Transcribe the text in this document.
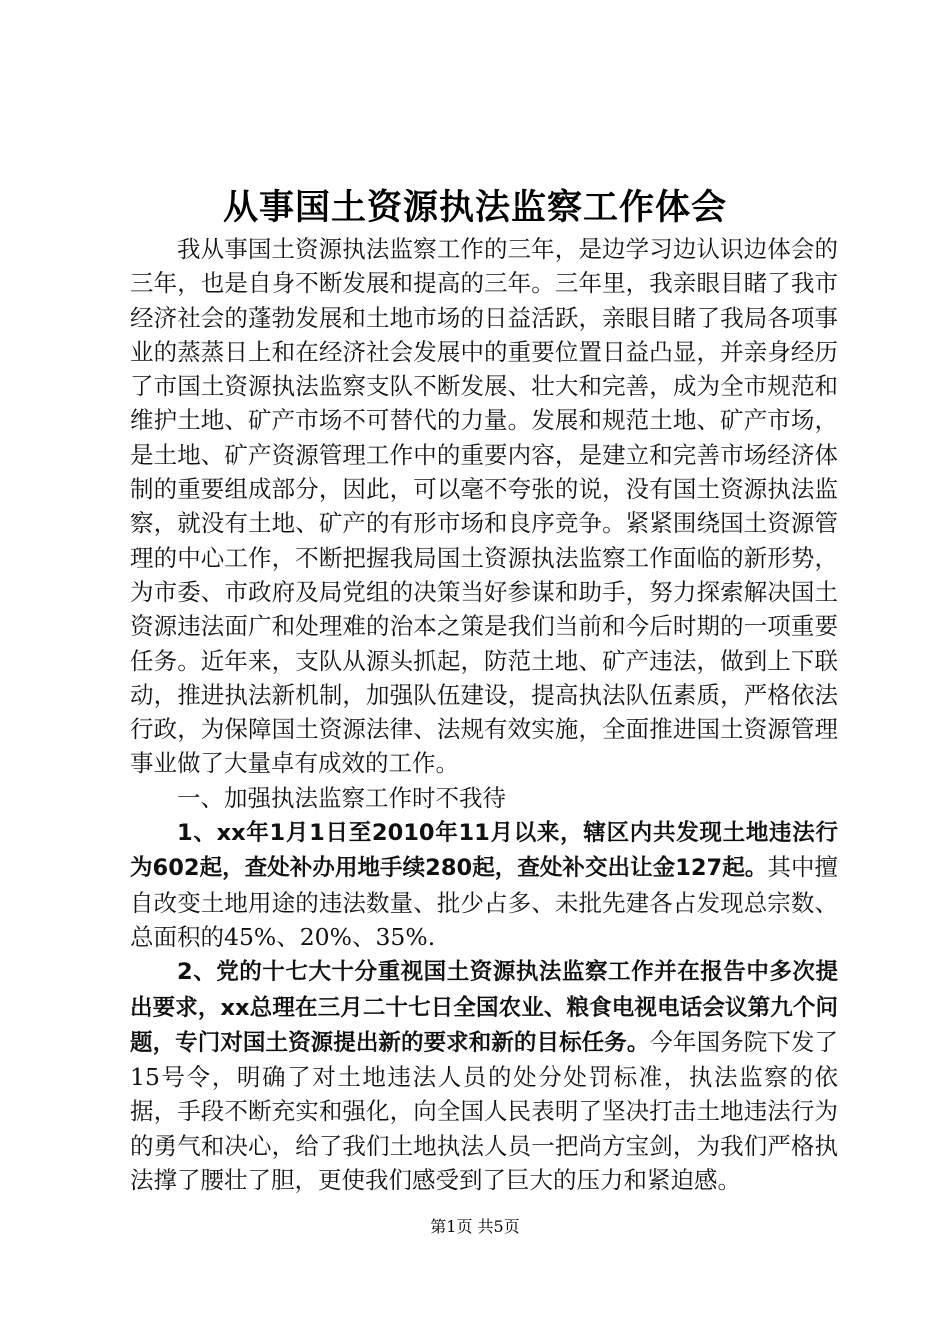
从事国土资源执法监察工作体会

我从事国土资源执法监察工作的三年，是边学习边认识边体会的三年，也是自身不断发展和提高的三年。三年里，我亲眼目睹了我市经济社会的蓬勃发展和土地市场的日益活跃，亲眼目睹了我局各项事业的蒸蒸日上和在经济社会发展中的重要位置日益凸显，并亲身经历了市国土资源执法监察支队不断发展、壮大和完善，成为全市规范和维护土地、矿产市场不可替代的力量。发展和规范土地、矿产市场，是土地、矿产资源管理工作中的重要内容，是建立和完善市场经济体制的重要组成部分，因此，可以毫不夸张的说，没有国土资源执法监察，就没有土地、矿产的有形市场和良序竞争。紧紧围绕国土资源管理的中心工作，不断把握我局国土资源执法监察工作面临的新形势，为市委、市政府及局党组的决策当好参谋和助手，努力探索解决国土资源违法面广和处理难的治本之策是我们当前和今后时期的一项重要任务。近年来，支队从源头抓起，防范土地、矿产违法，做到上下联动，推进执法新机制，加强队伍建设，提高执法队伍素质，严格依法行政，为保障国土资源法律、法规有效实施，全面推进国土资源管理事业做了大量卓有成效的工作。

一、加强执法监察工作时不我待

1、xx年1月1日至2010年11月以来，辖区内共发现土地违法行为602起，查处补办用地手续280起，查处补交出让金127起。其中擅自改变土地用途的违法数量、批少占多、未批先建各占发现总宗数、总面积的45%、20%、35%.

2、党的十七大十分重视国土资源执法监察工作并在报告中多次提出要求，xx总理在三月二十七日全国农业、粮食电视电话会议第九个问题，专门对国土资源提出新的要求和新的目标任务。今年国务院下发了15号令，明确了对土地违法人员的处分处罚标准，执法监察的依据，手段不断充实和强化，向全国人民表明了坚决打击土地违法行为的勇气和决心，给了我们土地执法人员一把尚方宝剑，为我们严格执法撑了腰壮了胆，更使我们感受到了巨大的压力和紧迫感。

第1页 共5页
